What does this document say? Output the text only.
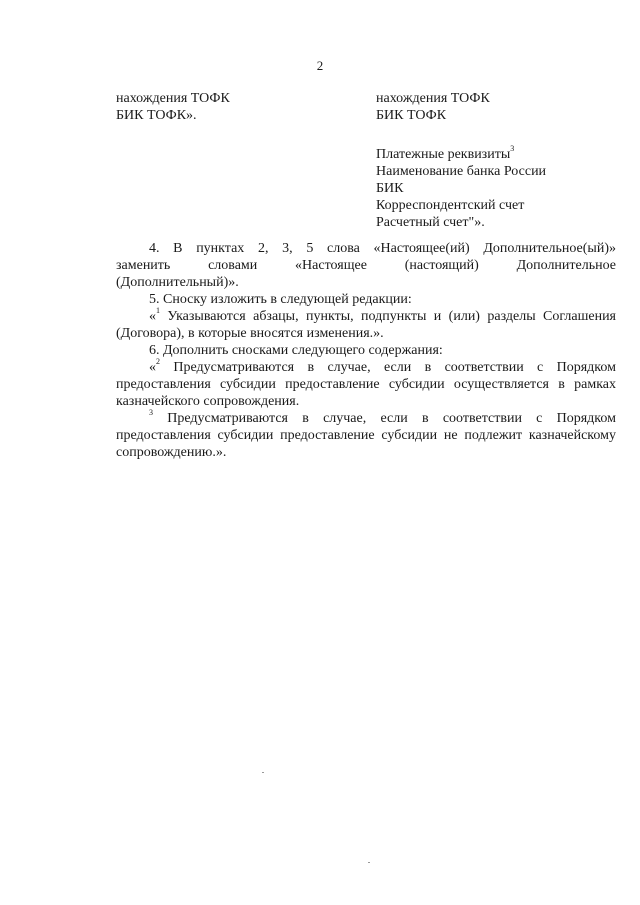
2
нахождения ТОФК
БИК ТОФК».
нахождения ТОФК
БИК ТОФК
Платежные реквизиты$^3$
Наименование банка России
БИК
Корреспондентский счет
Расчетный счет"».

4. В пунктах 2, 3, 5 слова «Настоящее(ий) Дополнительное(ый)»

заменить словами «Настоящее (настоящий) Дополнительное

(Дополнительный)».

5. Сноску изложить в следующей редакции:

«$^1$ Указываются абзацы, пункты, подпункты и (или) разделы Соглашения (Договора), в которые вносятся изменения.».

6. Дополнить сносками следующего содержания:

«$^2$ Предусматриваются в случае, если в соответствии с Порядком предоставления субсидии предоставление субсидии осуществляется в рамках казначейского сопровождения.

$^3$ Предусматриваются в случае, если в соответствии с Порядком предоставления субсидии предоставление субсидии не подлежит казначейскому сопровождению.».
